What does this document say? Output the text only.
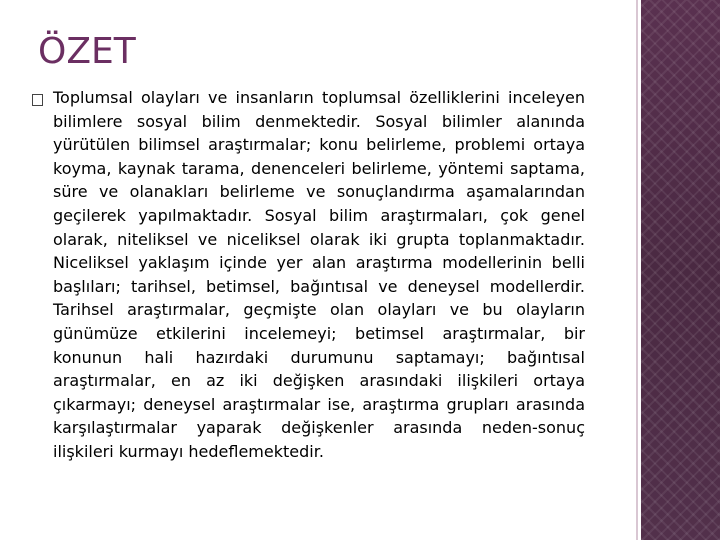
ÖZET

Toplumsal olayları ve insanların toplumsal özelliklerini inceleyen bilimlere sosyal bilim denmektedir. Sosyal bilimler alanında yürütülen bilimsel araştırmalar; konu belirleme, problemi ortaya koyma, kaynak tarama, denenceleri belirleme, yöntemi saptama, süre ve olanakları belirleme ve sonuçlandırma aşamalarından geçilerek yapılmaktadır. Sosyal bilim araştırmaları, çok genel olarak, niteliksel ve niceliksel olarak iki grupta toplanmaktadır. Niceliksel yaklaşım içinde yer alan araştırma modellerinin belli başlıları; tarihsel, betimsel, bağıntısal ve deneysel modellerdir. Tarihsel araştırmalar, geçmişte olan olayları ve bu olayların günümüze etkilerini incelemeyi; betimsel araştırmalar, bir konunun hali hazırdaki durumunu saptamayı; bağıntısal araştırmalar, en az iki değişken arasındaki ilişkileri ortaya çıkarmayı; deneysel araştırmalar ise, araştırma grupları arasında karşılaştırmalar yaparak değişkenler arasında neden-sonuç ilişkileri kurmayı hedeflemektedir.
